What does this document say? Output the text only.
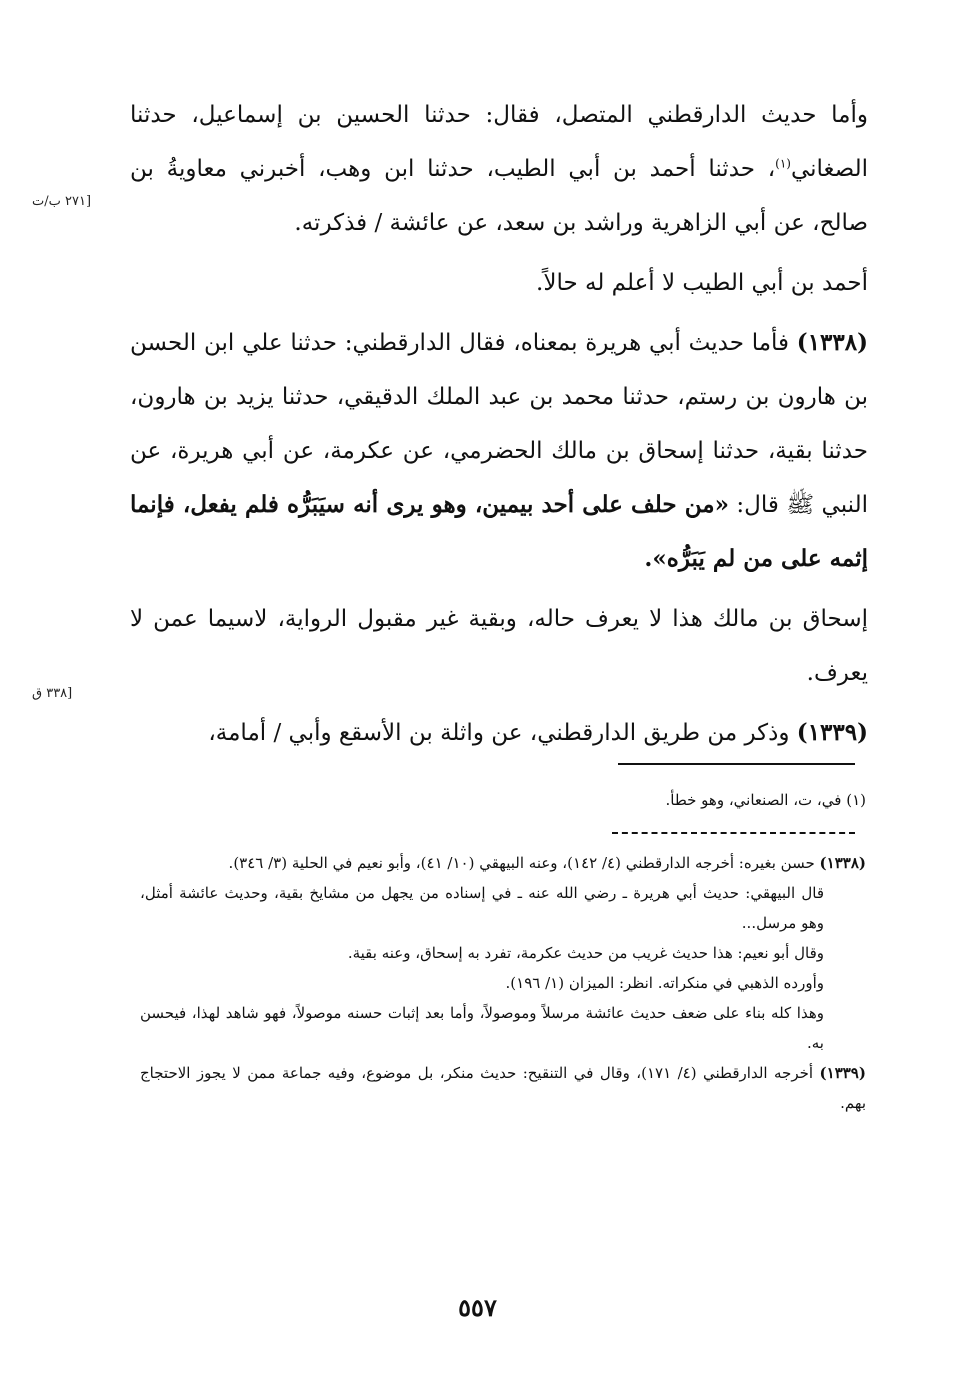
[٢٧١ ب/ت
[٣٣٨ ق

وأما حديث الدارقطني المتصل، فقال: حدثنا الحسين بن إسماعيل، حدثنا الصغاني$^{(١)}$، حدثنا أحمد بن أبي الطيب، حدثنا ابن وهب، أخبرني معاويةُ بن صالح، عن أبي الزاهرية وراشد بن سعد، عن عائشة / فذكرته.

أحمد بن أبي الطيب لا أعلم له حالاً.

(١٣٣٨) فأما حديث أبي هريرة بمعناه، فقال الدارقطني: حدثنا علي ابن الحسن بن هارون بن رستم، حدثنا محمد بن عبد الملك الدقيقي، حدثنا يزيد بن هارون، حدثنا بقية، حدثنا إسحاق بن مالك الحضرمي، عن عكرمة، عن أبي هريرة، عن النبي ﷺ قال: «من حلف على أحد بيمين، وهو يرى أنه سيَبَرُّه فلم يفعل، فإنما إثمه على من لم يَبَرُّه».

إسحاق بن مالك هذا لا يعرف حاله، وبقية غير مقبول الرواية، لاسيما عمن لا يعرف.

(١٣٣٩) وذكر من طريق الدارقطني، عن واثلة بن الأسقع وأبي / أمامة،

(١) في، ت، الصنعاني، وهو خطأ.

(١٣٣٨) حسن بغيره: أخرجه الدارقطني (٤/ ١٤٢)، وعنه البيهقي (١٠/ ٤١)، وأبو نعيم في الحلية (٣/ ٣٤٦).

قال البيهقي: حديث أبي هريرة ـ رضي الله عنه ـ في إسناده من يجهل من مشايخ بقية، وحديث عائشة أمثل، وهو مرسل...

وقال أبو نعيم: هذا حديث غريب من حديث عكرمة، تفرد به إسحاق، وعنه بقية.

وأورده الذهبي في منكراته. انظر: الميزان (١/ ١٩٦).

وهذا كله بناء على ضعف حديث عائشة مرسلاً وموصولاً، وأما بعد إثبات حسنه موصولاً، فهو شاهد لهذا، فيحسن به.

(١٣٣٩) أخرجه الدارقطني (٤/ ١٧١)، وقال في التنقيح: حديث منكر، بل موضوع، وفيه جماعة ممن لا يجوز الاحتجاج بهم.

٥٥٧
